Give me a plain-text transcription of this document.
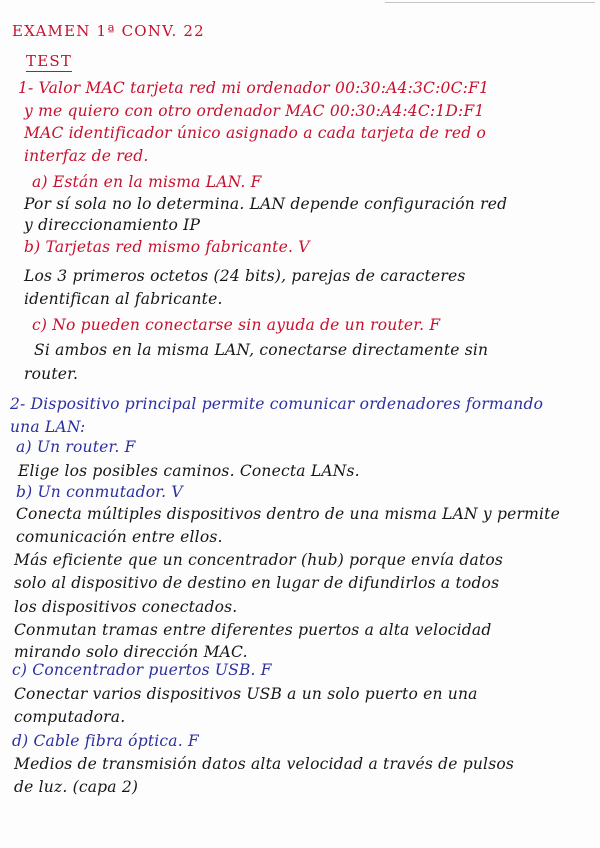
EXAMEN 1ª CONV. 22
TEST
1- Valor MAC tarjeta red mi ordenador 00:30:A4:3C:0C:F1
y me quiero con otro ordenador MAC 00:30:A4:4C:1D:F1
MAC identificador único asignado a cada tarjeta de red o
interfaz de red.
a) Están en la misma LAN. F
Por sí sola no lo determina. LAN depende configuración red
y direccionamiento IP
b) Tarjetas red mismo fabricante. V
Los 3 primeros octetos (24 bits), parejas de caracteres
identifican al fabricante.
c) No pueden conectarse sin ayuda de un router. F
Si ambos en la misma LAN, conectarse directamente sin
router.
2- Dispositivo principal permite comunicar ordenadores formando
una LAN:
a) Un router. F
Elige los posibles caminos. Conecta LANs.
b) Un conmutador. V
Conecta múltiples dispositivos dentro de una misma LAN y permite
comunicación entre ellos.
Más eficiente que un concentrador (hub) porque envía datos
solo al dispositivo de destino en lugar de difundirlos a todos
los dispositivos conectados.
Conmutan tramas entre diferentes puertos a alta velocidad
mirando solo dirección MAC.
c) Concentrador puertos USB. F
Conectar varios dispositivos USB a un solo puerto en una
computadora.
d) Cable fibra óptica. F
Medios de transmisión datos alta velocidad a través de pulsos
de luz. (capa 2)
